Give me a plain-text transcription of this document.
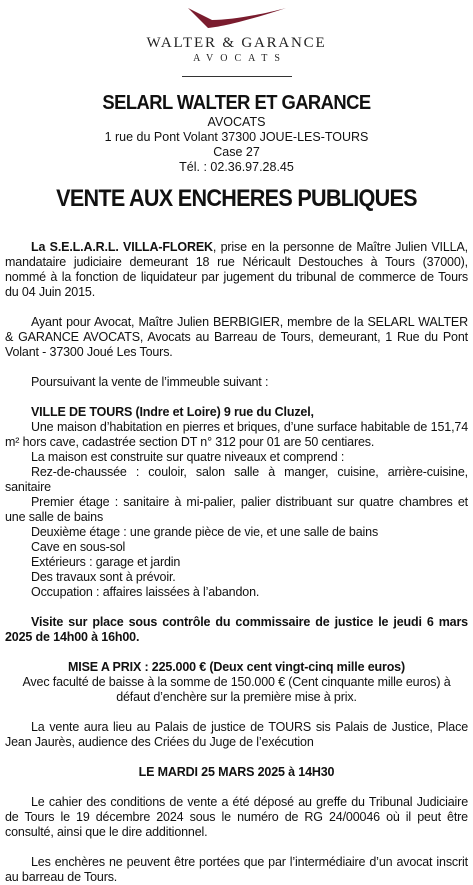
WALTER & GARANCE
AVOCATS
SELARL WALTER ET GARANCE
AVOCATS
1 rue du Pont Volant 37300 JOUE-LES-TOURS
Case 27
Tél. : 02.36.97.28.45
VENTE AUX ENCHERES PUBLIQUES

La S.E.L.A.R.L. VILLA-FLOREK, prise en la personne de Maître Julien VILLA, mandataire judiciaire demeurant 18 rue Néricault Destouches à Tours (37000), nommé à la fonction de liquidateur par jugement du tribunal de commerce de Tours du 04 Juin 2015.

Ayant pour Avocat, Maître Julien BERBIGIER, membre de la SELARL WALTER & GARANCE AVOCATS, Avocats au Barreau de Tours, demeurant, 1 Rue du Pont Volant - 37300 Joué Les Tours.

Poursuivant la vente de l’immeuble suivant :

VILLE DE TOURS (Indre et Loire) 9 rue du Cluzel,

Une maison d’habitation en pierres et briques, d’une surface habitable de 151,74 m² hors cave, cadastrée section DT n° 312 pour 01 are 50 centiares.

La maison est construite sur quatre niveaux et comprend :

Rez-de-chaussée : couloir, salon salle à manger, cuisine, arrière-cuisine, sanitaire

Premier étage : sanitaire à mi-palier, palier distribuant sur quatre chambres et une salle de bains

Deuxième étage : une grande pièce de vie, et une salle de bains

Cave en sous-sol

Extérieurs : garage et jardin

Des travaux sont à prévoir.

Occupation : affaires laissées à l’abandon.

Visite sur place sous contrôle du commissaire de justice le jeudi 6 mars 2025 de 14h00 à 16h00.

MISE A PRIX : 225.000 € (Deux cent vingt-cinq mille euros)

Avec faculté de baisse à la somme de 150.000 € (Cent cinquante mille euros) à

défaut d’enchère sur la première mise à prix.

La vente aura lieu au Palais de justice de TOURS sis Palais de Justice, Place Jean Jaurès, audience des Criées du Juge de l’exécution

LE MARDI 25 MARS 2025 à 14H30

Le cahier des conditions de vente a été déposé au greffe du Tribunal Judiciaire de Tours le 19 décembre 2024 sous le numéro de RG 24/00046 où il peut être consulté, ainsi que le dire additionnel.

Les enchères ne peuvent être portées que par l’intermédiaire d’un avocat inscrit au barreau de Tours.
